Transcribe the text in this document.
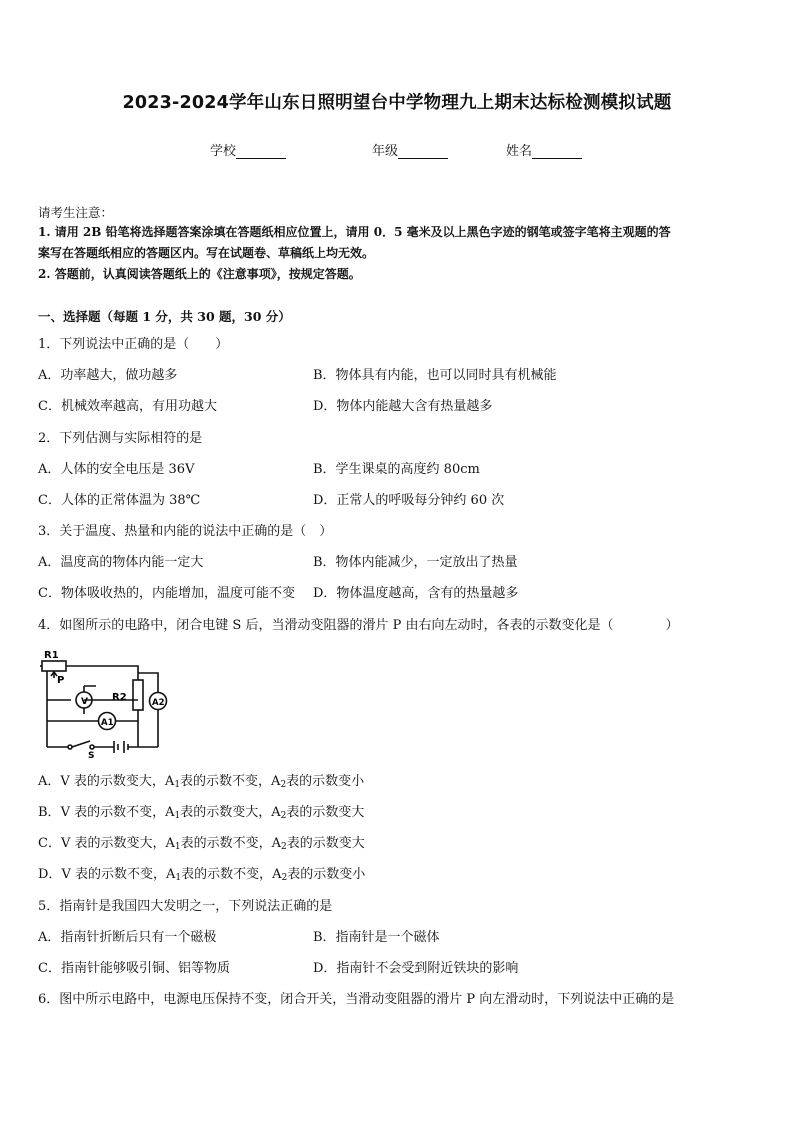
2023-2024学年山东日照明望台中学物理九上期末达标检测模拟试题
学校	年级	姓名
请考生注意：
1. 请用 2B 铅笔将选择题答案涂填在答题纸相应位置上，请用 0．5 毫米及以上黑色字迹的钢笔或签字笔将主观题的答
案写在答题纸相应的答题区内。写在试题卷、草稿纸上均无效。
2. 答题前，认真阅读答题纸上的《注意事项》，按规定答题。
一、选择题（每题 1 分，共 30 题，30 分）
1．下列说法中正确的是（　　）
A．功率越大，做功越多	B．物体具有内能，也可以同时具有机械能
C．机械效率越高，有用功越大	D．物体内能越大含有热量越多
2．下列估测与实际相符的是
A．人体的安全电压是 36V	B．学生课桌的高度约 80cm
C．人体的正常体温为 38℃	D．正常人的呼吸每分钟约 60 次
3．关于温度、热量和内能的说法中正确的是（　）
A．温度高的物体内能一定大	B．物体内能减少，一定放出了热量
C．物体吸收热的，内能增加，温度可能不变 D．物体温度越高，含有的热量越多
4．如图所示的电路中，闭合电键 S 后，当滑动变阻器的滑片 P 由右向左动时，各表的示数变化是（　　　　）
R1
P
V
A1
R2	A2
S
A．V 表的示数变大，$A_1$表的示数不变，$A_2$表的示数变小
B．V 表的示数不变，$A_1$表的示数变大，$A_2$表的示数变大
C．V 表的示数变大，$A_1$表的示数不变，$A_2$表的示数变大
D．V 表的示数不变，$A_1$表的示数不变，$A_2$表的示数变小
5．指南针是我国四大发明之一，下列说法正确的是
A．指南针折断后只有一个磁极	B．指南针是一个磁体
C．指南针能够吸引铜、铝等物质	D．指南针不会受到附近铁块的影响
6．图中所示电路中，电源电压保持不变，闭合开关，当滑动变阻器的滑片 P 向左滑动时，下列说法中正确的是
